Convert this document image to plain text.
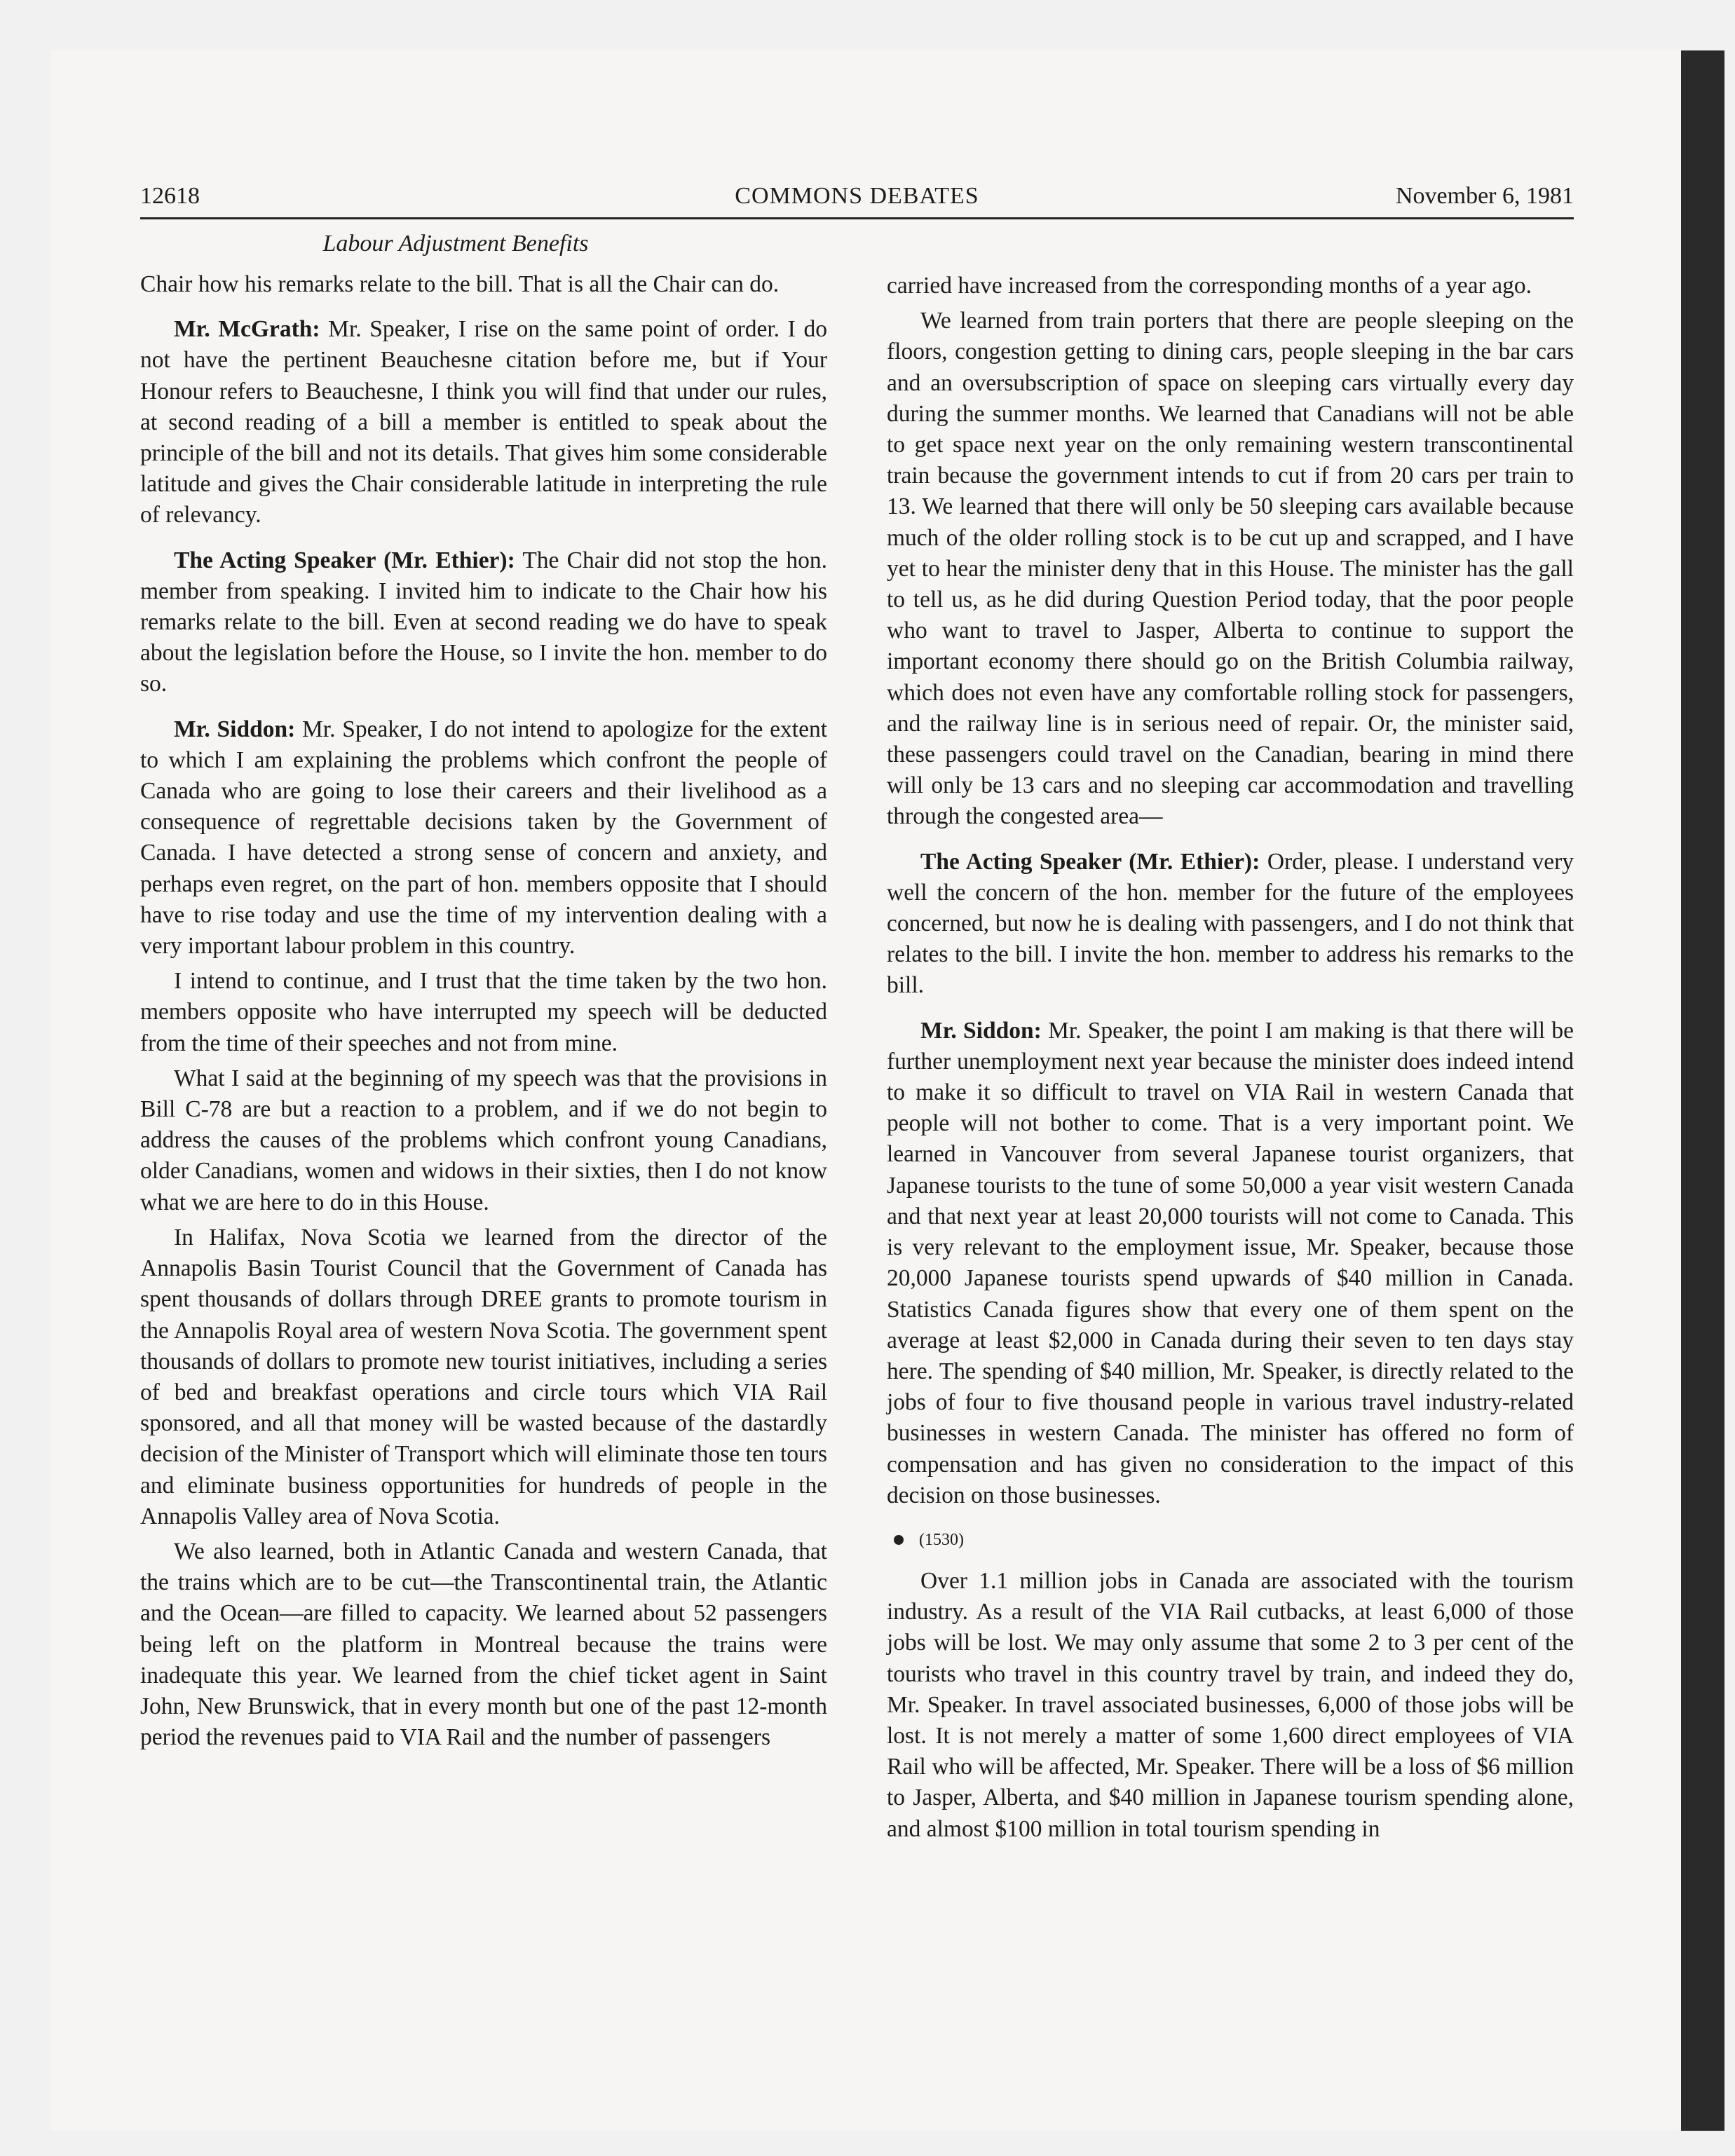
12618	COMMONS DEBATES	November 6, 1981
Labour Adjustment Benefits

Chair how his remarks relate to the bill. That is all the Chair can do.

Mr. McGrath: Mr. Speaker, I rise on the same point of order. I do not have the pertinent Beauchesne citation before me, but if Your Honour refers to Beauchesne, I think you will find that under our rules, at second reading of a bill a member is entitled to speak about the principle of the bill and not its details. That gives him some considerable latitude and gives the Chair considerable latitude in interpreting the rule of relevancy.

The Acting Speaker (Mr. Ethier): The Chair did not stop the hon. member from speaking. I invited him to indicate to the Chair how his remarks relate to the bill. Even at second reading we do have to speak about the legislation before the House, so I invite the hon. member to do so.

Mr. Siddon: Mr. Speaker, I do not intend to apologize for the extent to which I am explaining the problems which confront the people of Canada who are going to lose their careers and their livelihood as a consequence of regrettable decisions taken by the Government of Canada. I have detected a strong sense of concern and anxiety, and perhaps even regret, on the part of hon. members opposite that I should have to rise today and use the time of my intervention dealing with a very important labour problem in this country.

I intend to continue, and I trust that the time taken by the two hon. members opposite who have interrupted my speech will be deducted from the time of their speeches and not from mine.

What I said at the beginning of my speech was that the provisions in Bill C-78 are but a reaction to a problem, and if we do not begin to address the causes of the problems which confront young Canadians, older Canadians, women and widows in their sixties, then I do not know what we are here to do in this House.

In Halifax, Nova Scotia we learned from the director of the Annapolis Basin Tourist Council that the Government of Canada has spent thousands of dollars through DREE grants to promote tourism in the Annapolis Royal area of western Nova Scotia. The government spent thousands of dollars to promote new tourist initiatives, including a series of bed and breakfast operations and circle tours which VIA Rail sponsored, and all that money will be wasted because of the dastardly decision of the Minister of Transport which will eliminate those ten tours and eliminate business opportunities for hundreds of people in the Annapolis Valley area of Nova Scotia.

We also learned, both in Atlantic Canada and western Canada, that the trains which are to be cut—the Transcontinental train, the Atlantic and the Ocean—are filled to capacity. We learned about 52 passengers being left on the platform in Montreal because the trains were inadequate this year. We learned from the chief ticket agent in Saint John, New Brunswick, that in every month but one of the past 12-month period the revenues paid to VIA Rail and the number of passengers

carried have increased from the corresponding months of a year ago.

We learned from train porters that there are people sleeping on the floors, congestion getting to dining cars, people sleeping in the bar cars and an oversubscription of space on sleeping cars virtually every day during the summer months. We learned that Canadians will not be able to get space next year on the only remaining western transcontinental train because the government intends to cut if from 20 cars per train to 13. We learned that there will only be 50 sleeping cars available because much of the older rolling stock is to be cut up and scrapped, and I have yet to hear the minister deny that in this House. The minister has the gall to tell us, as he did during Question Period today, that the poor people who want to travel to Jasper, Alberta to continue to support the important economy there should go on the British Columbia railway, which does not even have any comfortable rolling stock for passengers, and the railway line is in serious need of repair. Or, the minister said, these passengers could travel on the Canadian, bearing in mind there will only be 13 cars and no sleeping car accommodation and travelling through the congested area—

The Acting Speaker (Mr. Ethier): Order, please. I understand very well the concern of the hon. member for the future of the employees concerned, but now he is dealing with passengers, and I do not think that relates to the bill. I invite the hon. member to address his remarks to the bill.

Mr. Siddon: Mr. Speaker, the point I am making is that there will be further unemployment next year because the minister does indeed intend to make it so difficult to travel on VIA Rail in western Canada that people will not bother to come. That is a very important point. We learned in Vancouver from several Japanese tourist organizers, that Japanese tourists to the tune of some 50,000 a year visit western Canada and that next year at least 20,000 tourists will not come to Canada. This is very relevant to the employment issue, Mr. Speaker, because those 20,000 Japanese tourists spend upwards of $40 million in Canada. Statistics Canada figures show that every one of them spent on the average at least $2,000 in Canada during their seven to ten days stay here. The spending of $40 million, Mr. Speaker, is directly related to the jobs of four to five thousand people in various travel industry-related businesses in western Canada. The minister has offered no form of compensation and has given no consideration to the impact of this decision on those businesses.

(1530)

Over 1.1 million jobs in Canada are associated with the tourism industry. As a result of the VIA Rail cutbacks, at least 6,000 of those jobs will be lost. We may only assume that some 2 to 3 per cent of the tourists who travel in this country travel by train, and indeed they do, Mr. Speaker. In travel associated businesses, 6,000 of those jobs will be lost. It is not merely a matter of some 1,600 direct employees of VIA Rail who will be affected, Mr. Speaker. There will be a loss of $6 million to Jasper, Alberta, and $40 million in Japanese tourism spending alone, and almost $100 million in total tourism spending in
